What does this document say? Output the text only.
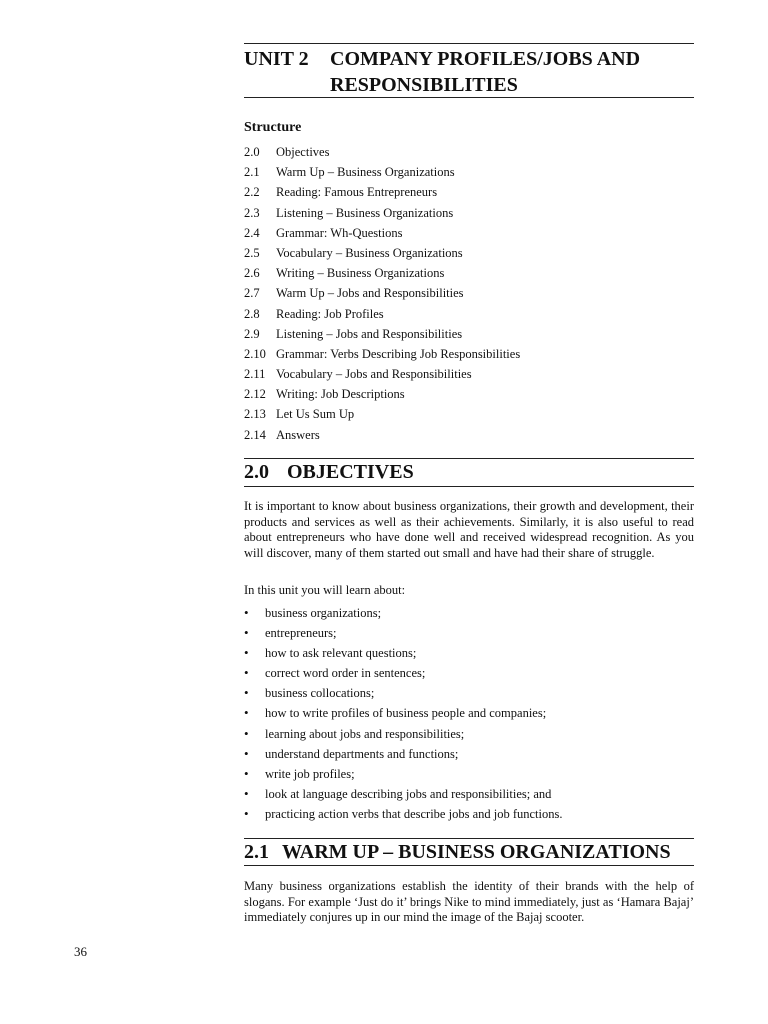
UNIT 2 COMPANY PROFILES/JOBS AND RESPONSIBILITIES
Structure
2.0 Objectives
2.1 Warm Up – Business Organizations
2.2 Reading: Famous Entrepreneurs
2.3 Listening – Business Organizations
2.4 Grammar: Wh-Questions
2.5 Vocabulary – Business Organizations
2.6 Writing – Business Organizations
2.7 Warm Up – Jobs and Responsibilities
2.8 Reading: Job Profiles
2.9 Listening – Jobs and Responsibilities
2.10 Grammar: Verbs Describing Job Responsibilities
2.11 Vocabulary – Jobs and Responsibilities
2.12 Writing: Job Descriptions
2.13 Let Us Sum Up
2.14 Answers
2.0 OBJECTIVES

It is important to know about business organizations, their growth and development, their products and services as well as their achievements. Similarly, it is also useful to read about entrepreneurs who have done well and received widespread recognition. As you will discover, many of them started out small and have had their share of struggle.

In this unit you will learn about:

• business organizations;
• entrepreneurs;
• how to ask relevant questions;
• correct word order in sentences;
• business collocations;
• how to write profiles of business people and companies;
• learning about jobs and responsibilities;
• understand departments and functions;
• write job profiles;
• look at language describing jobs and responsibilities; and
• practicing action verbs that describe jobs and job functions.
2.1 WARM UP – BUSINESS ORGANIZATIONS

Many business organizations establish the identity of their brands with the help of slogans. For example ‘Just do it’ brings Nike to mind immediately, just as ‘Hamara Bajaj’ immediately conjures up in our mind the image of the Bajaj scooter.

36
